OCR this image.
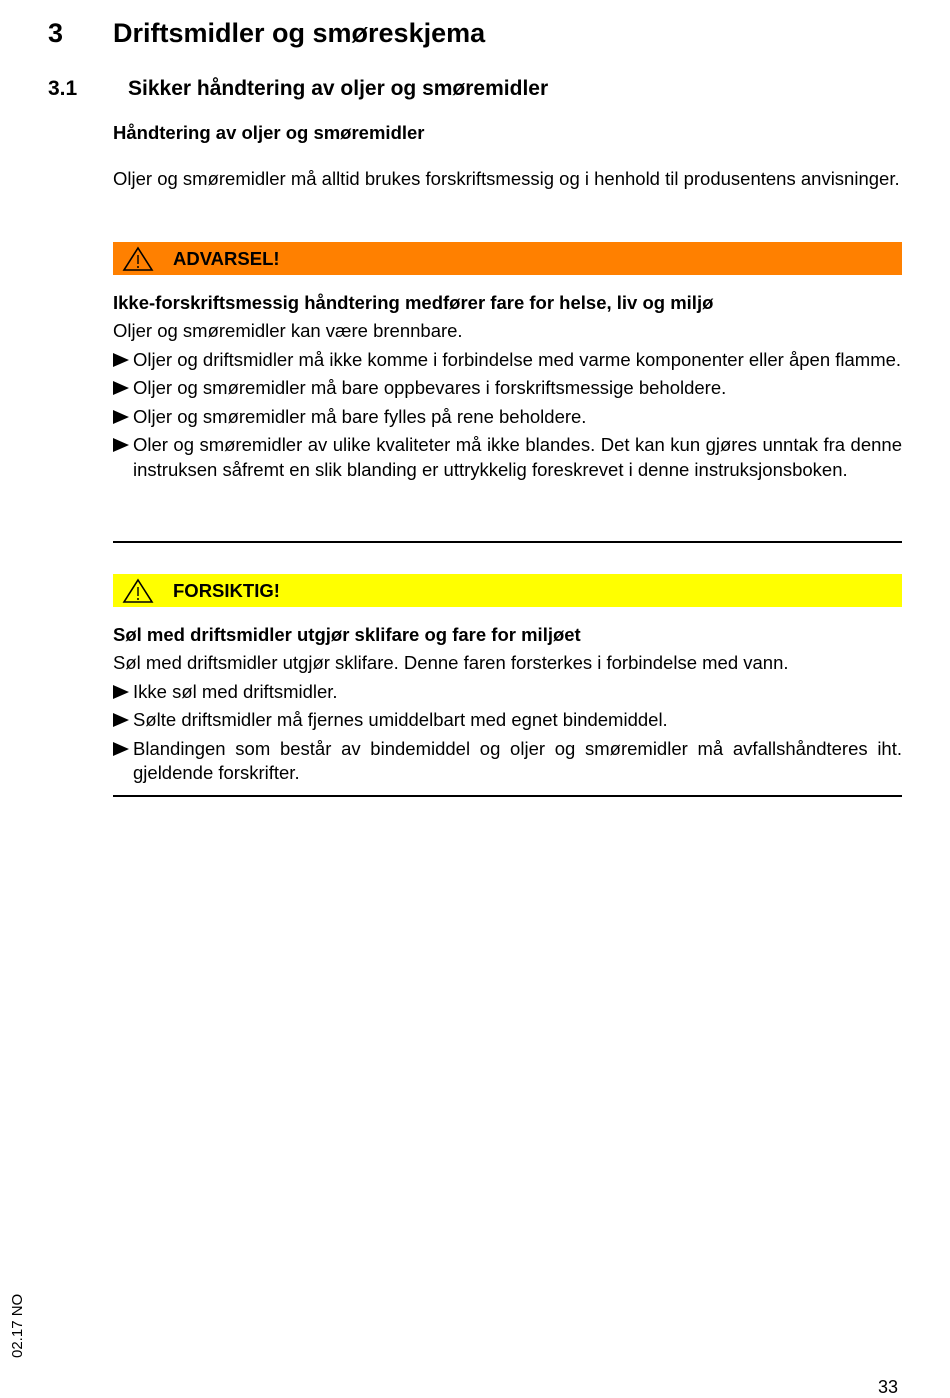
3 Driftsmidler og smøreskjema
3.1 Sikker håndtering av oljer og smøremidler
Håndtering av oljer og smøremidler
Oljer og smøremidler må alltid brukes forskriftsmessig og i henhold til produsentens anvisninger.
ADVARSEL!
Ikke-forskriftsmessig håndtering medfører fare for helse, liv og miljø
Oljer og smøremidler kan være brennbare.
Oljer og driftsmidler må ikke komme i forbindelse med varme komponenter eller åpen flamme.
Oljer og smøremidler må bare oppbevares i forskriftsmessige beholdere.
Oljer og smøremidler må bare fylles på rene beholdere.
Oler og smøremidler av ulike kvaliteter må ikke blandes. Det kan kun gjøres unntak fra denne instruksen såfremt en slik blanding er uttrykkelig foreskrevet i denne instruksjonsboken.
FORSIKTIG!
Søl med driftsmidler utgjør sklifare og fare for miljøet
Søl med driftsmidler utgjør sklifare. Denne faren forsterkes i forbindelse med vann.
Ikke søl med driftsmidler.
Sølte driftsmidler må fjernes umiddelbart med egnet bindemiddel.
Blandingen som består av bindemiddel og oljer og smøremidler må avfallshåndteres iht. gjeldende forskrifter.
02.17 NO
33
